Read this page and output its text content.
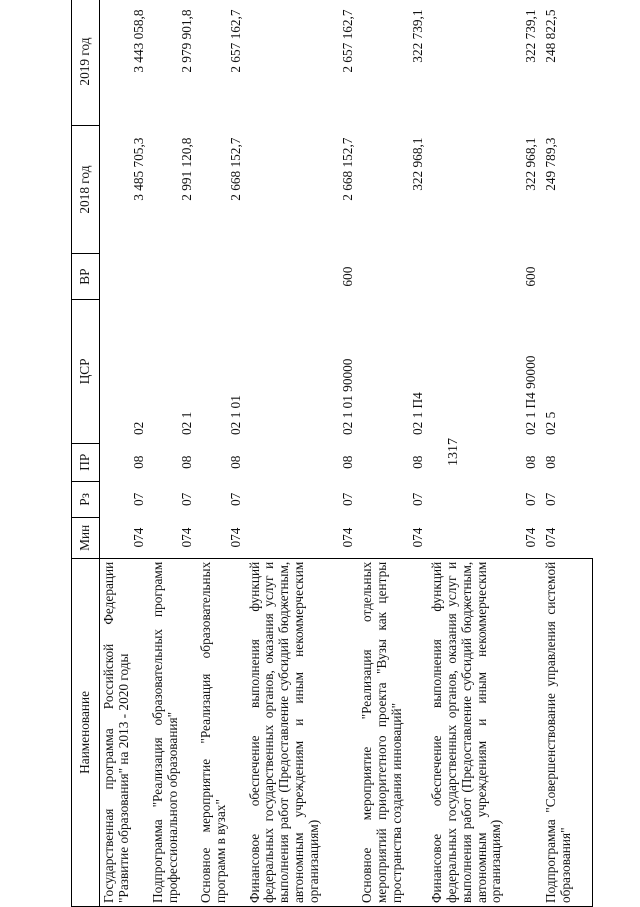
1317
Наименование	Мин	Рз	ПР	ЦСР	ВР	2018 год	2019 год
Государственная программа Российской Федерации "Развитие образования" на 2013 - 2020 годы	074	07	08	02		3 485 705,3	3 443 058,8
Подпрограмма "Реализация образовательных программ профессионального образования"	074	07	08	02 1		2 991 120,8	2 979 901,8
Основное мероприятие "Реализация образовательных программ в вузах"	074	07	08	02 1 01		2 668 152,7	2 657 162,7
Финансовое обеспечение выполнения функций федеральных государственных органов, оказания услуг и выполнения работ (Предоставление субсидий бюджетным, автономным учреждениям и иным некоммерческим организациям)	074	07	08	02 1 01 90000	600	2 668 152,7	2 657 162,7
Основное мероприятие "Реализация отдельных мероприятий приоритетного проекта "Вузы как центры пространства создания инноваций"	074	07	08	02 1 П4		322 968,1	322 739,1
Финансовое обеспечение выполнения функций федеральных государственных органов, оказания услуг и выполнения работ (Предоставление субсидий бюджетным, автономным учреждениям и иным некоммерческим организациям)	074	07	08	02 1 П4 90000	600	322 968,1	322 739,1
Подпрограмма "Совершенствование управления системой образования"	074	07	08	02 5		249 789,3	248 822,5
